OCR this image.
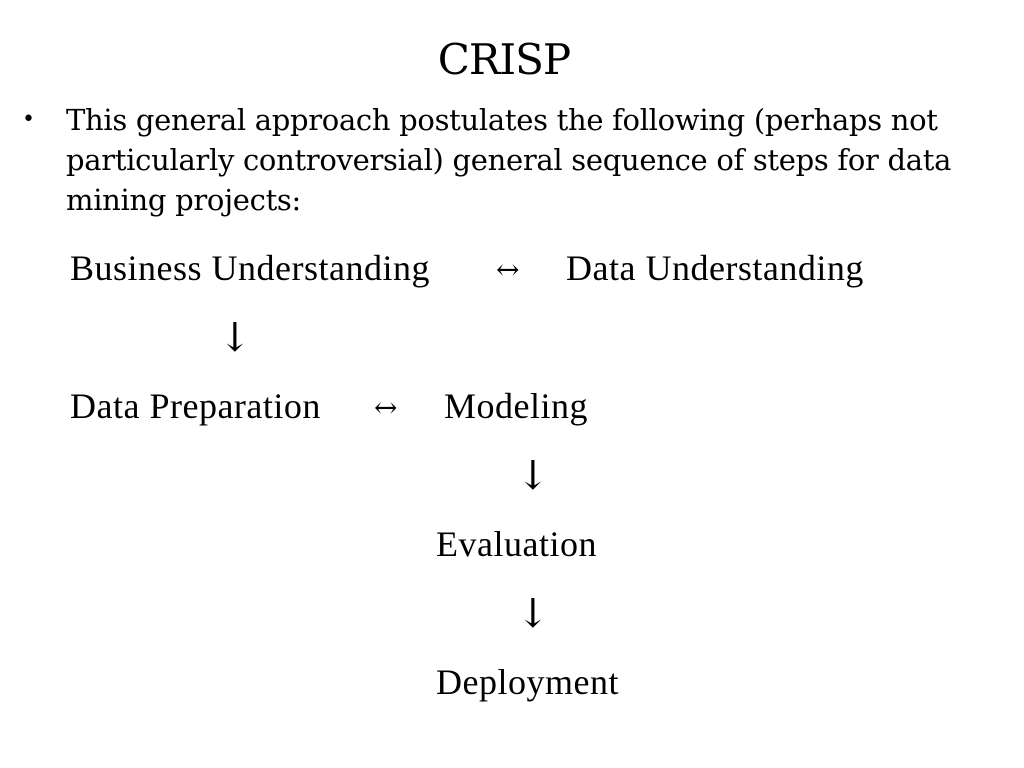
CRISP
•	This general approach postulates the following (perhaps not particularly controversial) general sequence of steps for data mining projects:
Business Understanding ↔ Data Understanding
↓
Data Preparation ↔ Modeling
↓
Evaluation
↓
Deployment
